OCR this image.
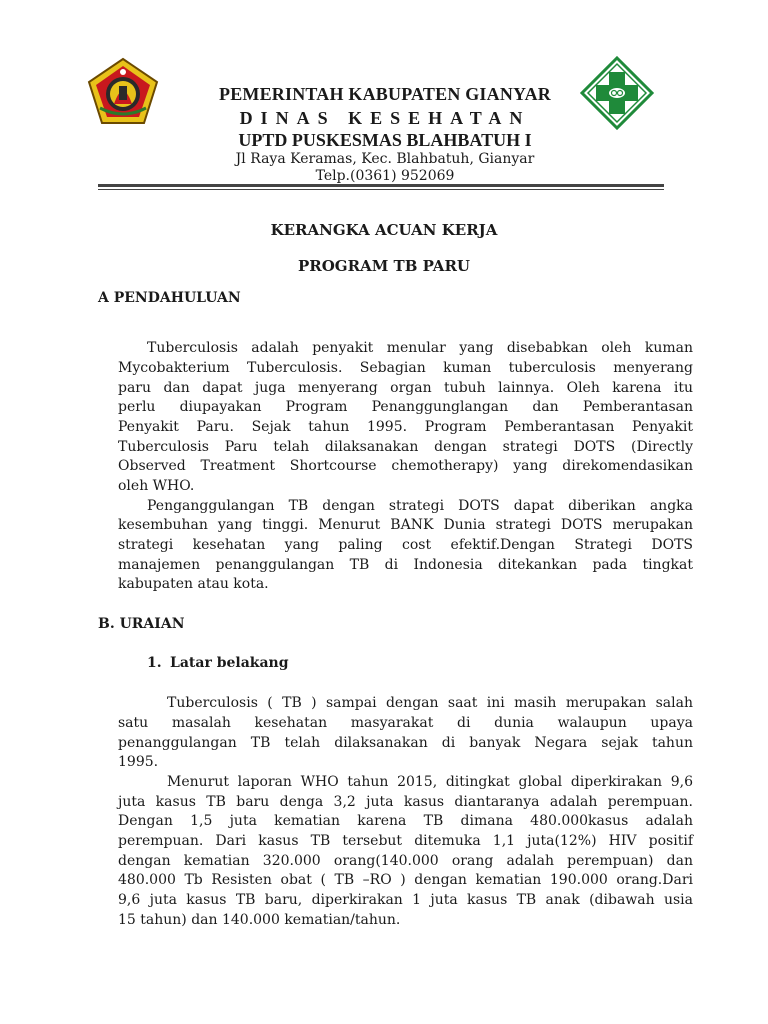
PEMERINTAH KABUPATEN GIANYAR
DINAS KESEHATAN
UPTD PUSKESMAS BLAHBATUH I
Jl Raya Keramas, Kec. Blahbatuh, Gianyar
Telp.(0361) 952069
KERANGKA ACUAN KERJA
PROGRAM TB PARU
A PENDAHULUAN
Tuberculosis adalah penyakit menular yang disebabkan oleh kuman
Mycobakterium Tuberculosis. Sebagian kuman tuberculosis menyerang
paru dan dapat juga menyerang organ tubuh lainnya. Oleh karena itu
perlu diupayakan Program Penanggunglangan dan Pemberantasan
Penyakit Paru. Sejak tahun 1995. Program Pemberantasan Penyakit
Tuberculosis Paru telah dilaksanakan dengan strategi DOTS (Directly
Observed Treatment Shortcourse chemotherapy) yang direkomendasikan
oleh WHO.
Penganggulangan TB dengan strategi DOTS dapat diberikan angka
kesembuhan yang tinggi. Menurut BANK Dunia strategi DOTS merupakan
strategi kesehatan yang paling cost efektif.Dengan Strategi DOTS
manajemen penanggulangan TB di Indonesia ditekankan pada tingkat
kabupaten atau kota.
B. URAIAN
1. Latar belakang
Tuberculosis ( TB ) sampai dengan saat ini masih merupakan salah
satu masalah kesehatan masyarakat di dunia walaupun upaya
penanggulangan TB telah dilaksanakan di banyak Negara sejak tahun
1995.
Menurut laporan WHO tahun 2015, ditingkat global diperkirakan 9,6
juta kasus TB baru denga 3,2 juta kasus diantaranya adalah perempuan.
Dengan 1,5 juta kematian karena TB dimana 480.000kasus adalah
perempuan. Dari kasus TB tersebut ditemuka 1,1 juta(12%) HIV positif
dengan kematian 320.000 orang(140.000 orang adalah perempuan) dan
480.000 Tb Resisten obat ( TB –RO ) dengan kematian 190.000 orang.Dari
9,6 juta kasus TB baru, diperkirakan 1 juta kasus TB anak (dibawah usia
15 tahun) dan 140.000 kematian/tahun.
